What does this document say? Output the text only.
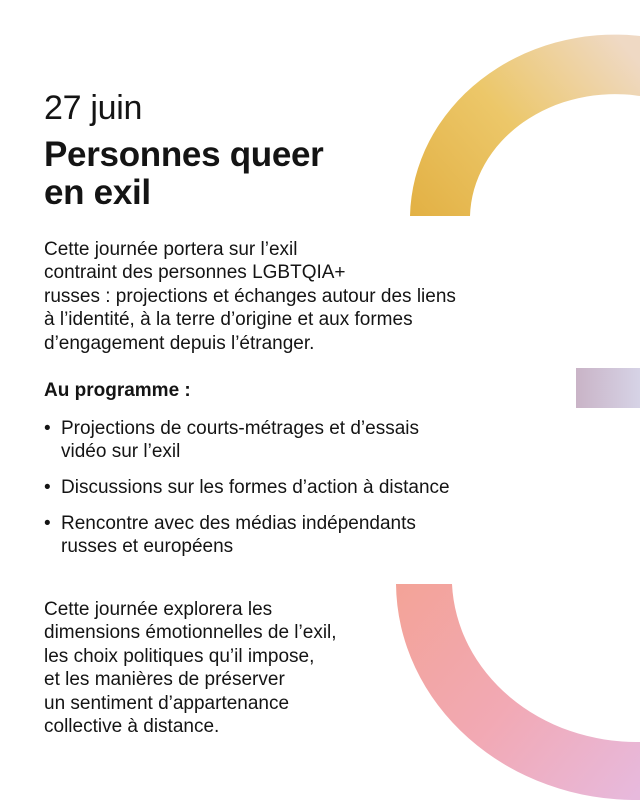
27 juin

Personnes queer
en exil
Cette journée portera sur l’exil
contraint des personnes LGBTQIA+
russes : projections et échanges autour des liens
à l’identité, à la terre d’origine et aux formes
d’engagement depuis l’étranger.
Au programme :
• Projections de courts-métrages et d’essais
vidéo sur l’exil
• Discussions sur les formes d’action à distance
• Rencontre avec des médias indépendants
russes et européens
Cette journée explorera les
dimensions émotionnelles de l’exil,
les choix politiques qu’il impose,
et les manières de préserver
un sentiment d’appartenance
collective à distance.
